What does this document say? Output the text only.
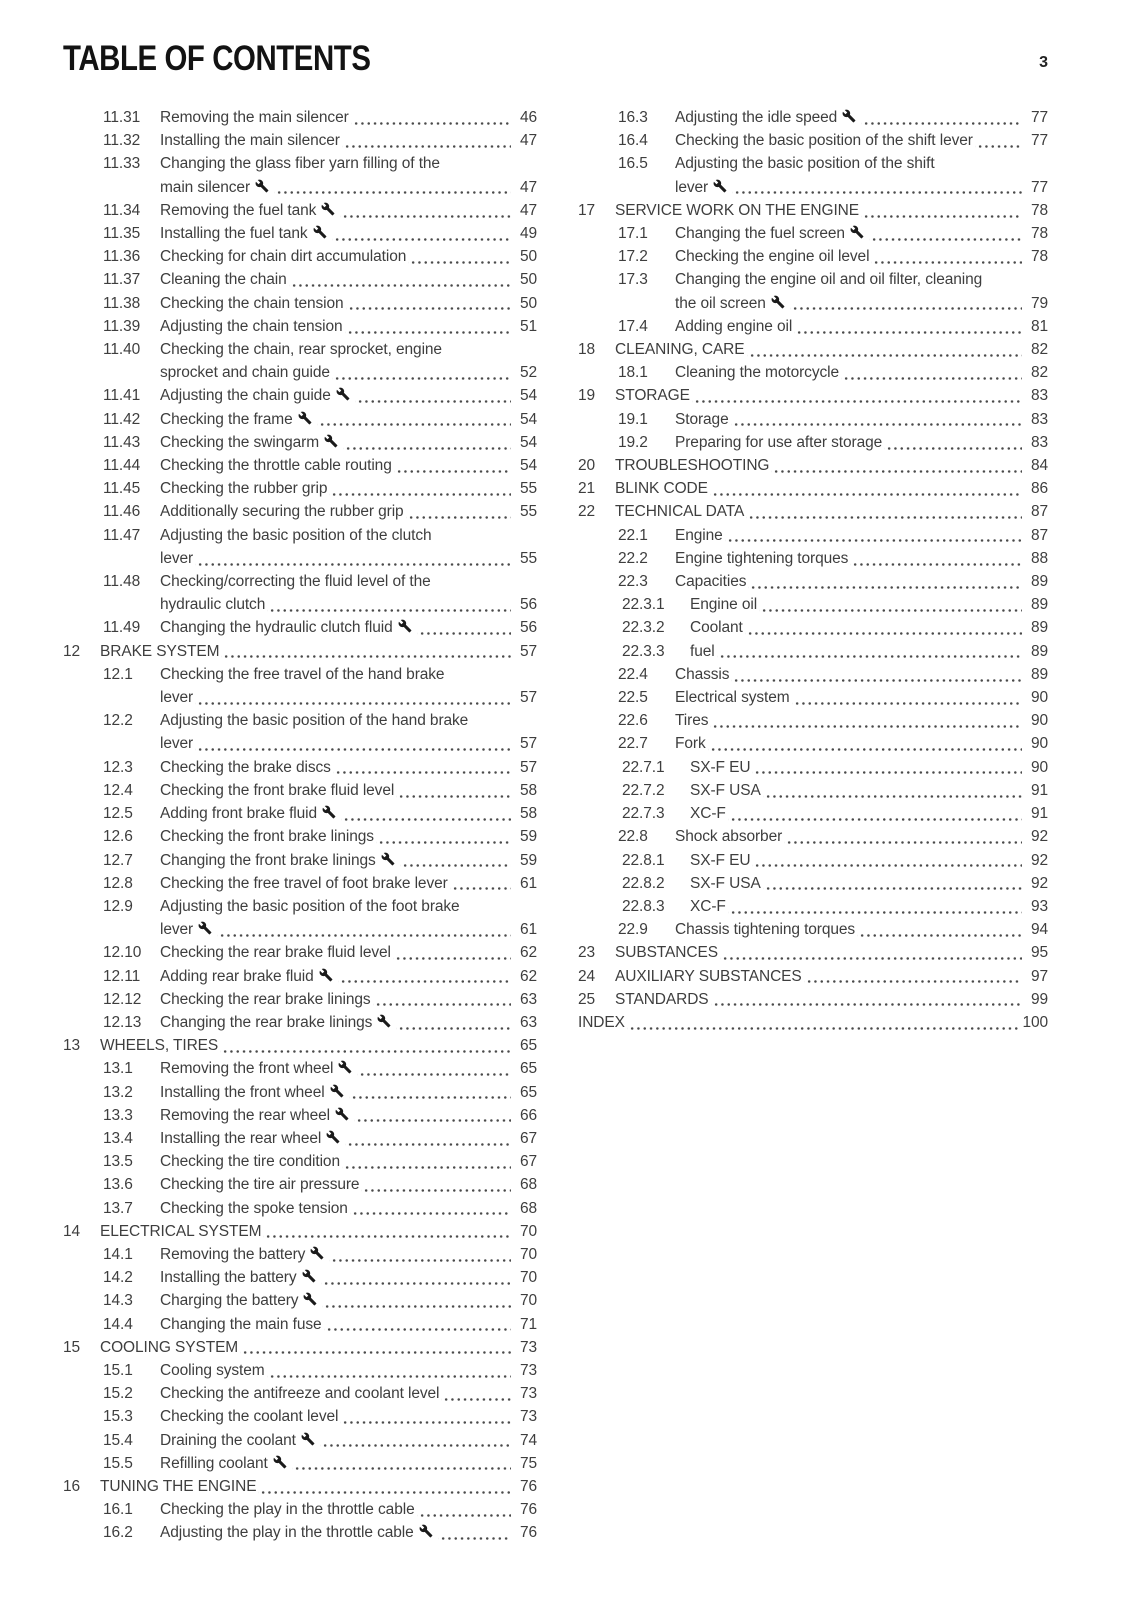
TABLE OF CONTENTS	3
11.31	Removing the main silencer	46
11.32	Installing the main silencer	47
11.33	Changing the glass fiber yarn filling of the
main silencer	47
11.34	Removing the fuel tank	47
11.35	Installing the fuel tank	49
11.36	Checking for chain dirt accumulation	50
11.37	Cleaning the chain	50
11.38	Checking the chain tension	50
11.39	Adjusting the chain tension	51
11.40	Checking the chain, rear sprocket, engine
sprocket and chain guide	52
11.41	Adjusting the chain guide	54
11.42	Checking the frame	54
11.43	Checking the swingarm	54
11.44	Checking the throttle cable routing	54
11.45	Checking the rubber grip	55
11.46	Additionally securing the rubber grip	55
11.47	Adjusting the basic position of the clutch
lever	55
11.48	Checking/correcting the fluid level of the
hydraulic clutch	56
11.49	Changing the hydraulic clutch fluid	56
12	BRAKE SYSTEM	57
12.1	Checking the free travel of the hand brake
lever	57
12.2	Adjusting the basic position of the hand brake
lever	57
12.3	Checking the brake discs	57
12.4	Checking the front brake fluid level	58
12.5	Adding front brake fluid	58
12.6	Checking the front brake linings	59
12.7	Changing the front brake linings	59
12.8	Checking the free travel of foot brake lever	61
12.9	Adjusting the basic position of the foot brake
lever	61
12.10	Checking the rear brake fluid level	62
12.11	Adding rear brake fluid	62
12.12	Checking the rear brake linings	63
12.13	Changing the rear brake linings	63
13	WHEELS, TIRES	65
13.1	Removing the front wheel	65
13.2	Installing the front wheel	65
13.3	Removing the rear wheel	66
13.4	Installing the rear wheel	67
13.5	Checking the tire condition	67
13.6	Checking the tire air pressure	68
13.7	Checking the spoke tension	68
14	ELECTRICAL SYSTEM	70
14.1	Removing the battery	70
14.2	Installing the battery	70
14.3	Charging the battery	70
14.4	Changing the main fuse	71
15	COOLING SYSTEM	73
15.1	Cooling system	73
15.2	Checking the antifreeze and coolant level	73
15.3	Checking the coolant level	73
15.4	Draining the coolant	74
15.5	Refilling coolant	75
16	TUNING THE ENGINE	76
16.1	Checking the play in the throttle cable	76
16.2	Adjusting the play in the throttle cable	76
16.3	Adjusting the idle speed	77
16.4	Checking the basic position of the shift lever	77
16.5	Adjusting the basic position of the shift
lever	77
17	SERVICE WORK ON THE ENGINE	78
17.1	Changing the fuel screen	78
17.2	Checking the engine oil level	78
17.3	Changing the engine oil and oil filter, cleaning
the oil screen	79
17.4	Adding engine oil	81
18	CLEANING, CARE	82
18.1	Cleaning the motorcycle	82
19	STORAGE	83
19.1	Storage	83
19.2	Preparing for use after storage	83
20	TROUBLESHOOTING	84
21	BLINK CODE	86
22	TECHNICAL DATA	87
22.1	Engine	87
22.2	Engine tightening torques	88
22.3	Capacities	89
22.3.1	Engine oil	89
22.3.2	Coolant	89
22.3.3	fuel	89
22.4	Chassis	89
22.5	Electrical system	90
22.6	Tires	90
22.7	Fork	90
22.7.1	SX-F EU	90
22.7.2	SX-F USA	91
22.7.3	XC-F	91
22.8	Shock absorber	92
22.8.1	SX-F EU	92
22.8.2	SX-F USA	92
22.8.3	XC-F	93
22.9	Chassis tightening torques	94
23	SUBSTANCES	95
24	AUXILIARY SUBSTANCES	97
25	STANDARDS	99
INDEX	100
